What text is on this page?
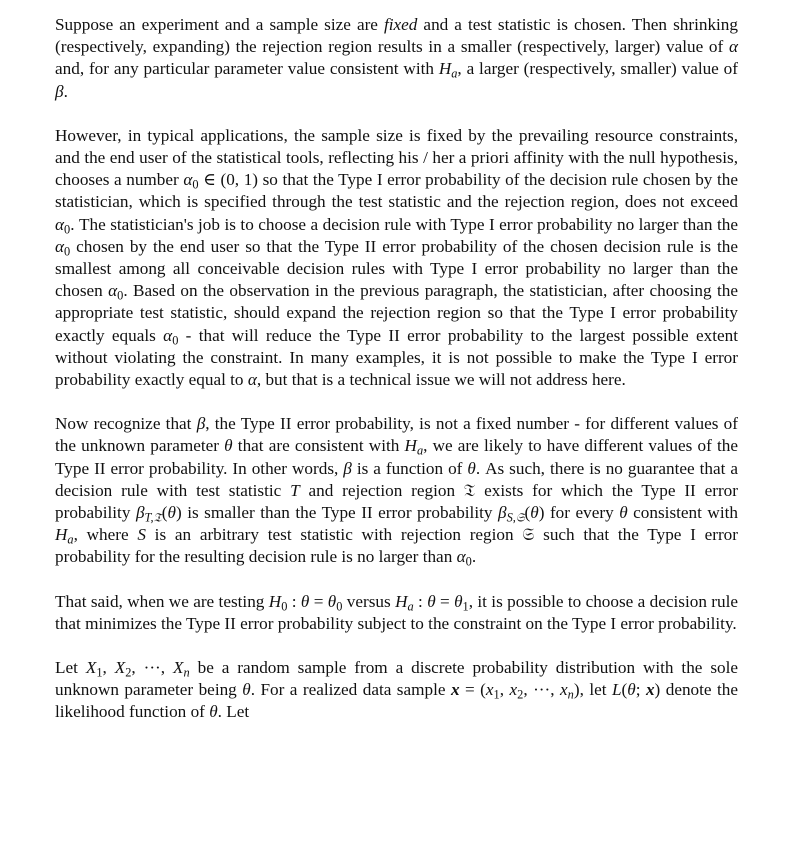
Suppose an experiment and a sample size are fixed and a test statistic is chosen. Then shrinking (respectively, expanding) the rejection region results in a smaller (respectively, larger) value of α and, for any particular parameter value consistent with $H_a$, a larger (respectively, smaller) value of β.

However, in typical applications, the sample size is fixed by the prevailing resource constraints, and the end user of the statistical tools, reflecting his / her a priori affinity with the null hypothesis, chooses a number $\alpha_0$ ∈ (0, 1) so that the Type I error probability of the decision rule chosen by the statistician, which is specified through the test statistic and the rejection region, does not exceed $\alpha_0$. The statistician's job is to choose a decision rule with Type I error probability no larger than the $\alpha_0$ chosen by the end user so that the Type II error probability of the chosen decision rule is the smallest among all conceivable decision rules with Type I error probability no larger than the chosen $\alpha_0$. Based on the observation in the previous paragraph, the statistician, after choosing the appropriate test statistic, should expand the rejection region so that the Type I error probability exactly equals $\alpha_0$ - that will reduce the Type II error probability to the largest possible extent without violating the constraint. In many examples, it is not possible to make the Type I error probability exactly equal to α, but that is a technical issue we will not address here.

Now recognize that β, the Type II error probability, is not a fixed number - for different values of the unknown parameter θ that are consistent with $H_a$, we are likely to have different values of the Type II error probability. In other words, β is a function of θ. As such, there is no guarantee that a decision rule with test statistic T and rejection region 𝔗 exists for which the Type II error probability $\beta_{T,𝔗}(\theta)$ is smaller than the Type II error probability $\beta_{S,𝔖}(\theta)$ for every θ consistent with $H_a$, where S is an arbitrary test statistic with rejection region 𝔖 such that the Type I error probability for the resulting decision rule is no larger than $\alpha_0$.

That said, when we are testing $H_0$ : $\theta = \theta_0$ versus $H_a$ : $\theta = \theta_1$, it is possible to choose a decision rule that minimizes the Type II error probability subject to the constraint on the Type I error probability.

Let $X_1$, $X_2$, ···, $X_n$ be a random sample from a discrete probability distribution with the sole unknown parameter being θ. For a realized data sample $x = (x_1$, $x_2$, ···, $x_n$), let L(θ; x) denote the likelihood function of θ. Let
